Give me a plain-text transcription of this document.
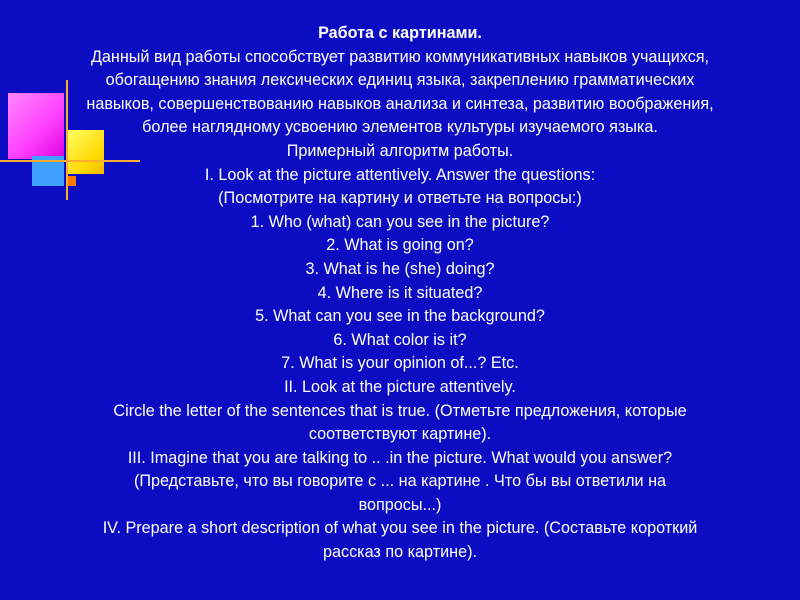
Работа с картинами.
Данный вид работы способствует развитию коммуникативных навыков учащихся,
обогащению знания лексических единиц языка, закреплению грамматических
навыков, совершенствованию навыков анализа и синтеза, развитию воображения,
более наглядному усвоению элементов культуры изучаемого языка.
Примерный алгоритм работы.
I. Look at the picture attentively. Answer the questions:
(Посмотрите на картину и ответьте на вопросы:)
1. Who (what) can you see in the picture?
2. What is going on?
3. What is he (she) doing?
4. Where is it situated?
5. What can you see in the background?
6. What color is it?
7. What is your opinion of...? Etc.
II. Look at the picture attentively.
Circle the letter of the sentences that is true. (Отметьте предложения, которые
соответствуют картине).
III. Imagine that you are talking to .. .in the picture. What would you answer?
(Представьте, что вы говорите с ... на картине . Что бы вы ответили на
вопросы...)
IV. Prepare a short description of what you see in the picture. (Составьте короткий
рассказ по картине).
